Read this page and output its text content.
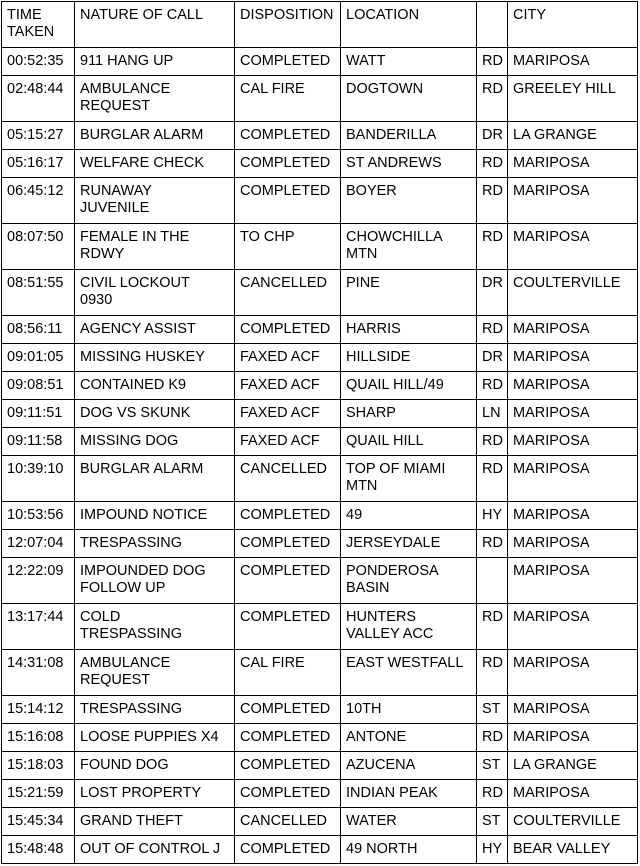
TIME
TAKEN	NATURE OF CALL	DISPOSITION	LOCATION		CITY
00:52:35	911 HANG UP	COMPLETED	WATT	RD	MARIPOSA
02:48:44	AMBULANCE
REQUEST	CAL FIRE	DOGTOWN	RD	GREELEY HILL
05:15:27	BURGLAR ALARM	COMPLETED	BANDERILLA	DR	LA GRANGE
05:16:17	WELFARE CHECK	COMPLETED	ST ANDREWS	RD	MARIPOSA
06:45:12	RUNAWAY
JUVENILE	COMPLETED	BOYER	RD	MARIPOSA
08:07:50	FEMALE IN THE
RDWY	TO CHP	CHOWCHILLA
MTN	RD	MARIPOSA
08:51:55	CIVIL LOCKOUT
0930	CANCELLED	PINE	DR	COULTERVILLE
08:56:11	AGENCY ASSIST	COMPLETED	HARRIS	RD	MARIPOSA
09:01:05	MISSING HUSKEY	FAXED ACF	HILLSIDE	DR	MARIPOSA
09:08:51	CONTAINED K9	FAXED ACF	QUAIL HILL/49	RD	MARIPOSA
09:11:51	DOG VS SKUNK	FAXED ACF	SHARP	LN	MARIPOSA
09:11:58	MISSING DOG	FAXED ACF	QUAIL HILL	RD	MARIPOSA
10:39:10	BURGLAR ALARM	CANCELLED	TOP OF MIAMI
MTN	RD	MARIPOSA
10:53:56	IMPOUND NOTICE	COMPLETED	49	HY	MARIPOSA
12:07:04	TRESPASSING	COMPLETED	JERSEYDALE	RD	MARIPOSA
12:22:09	IMPOUNDED DOG
FOLLOW UP	COMPLETED	PONDEROSA
BASIN		MARIPOSA
13:17:44	COLD
TRESPASSING	COMPLETED	HUNTERS
VALLEY ACC	RD	MARIPOSA
14:31:08	AMBULANCE
REQUEST	CAL FIRE	EAST WESTFALL	RD	MARIPOSA
15:14:12	TRESPASSING	COMPLETED	10TH	ST	MARIPOSA
15:16:08	LOOSE PUPPIES X4	COMPLETED	ANTONE	RD	MARIPOSA
15:18:03	FOUND DOG	COMPLETED	AZUCENA	ST	LA GRANGE
15:21:59	LOST PROPERTY	COMPLETED	INDIAN PEAK	RD	MARIPOSA
15:45:34	GRAND THEFT	CANCELLED	WATER	ST	COULTERVILLE
15:48:48	OUT OF CONTROL J	COMPLETED	49 NORTH	HY	BEAR VALLEY
